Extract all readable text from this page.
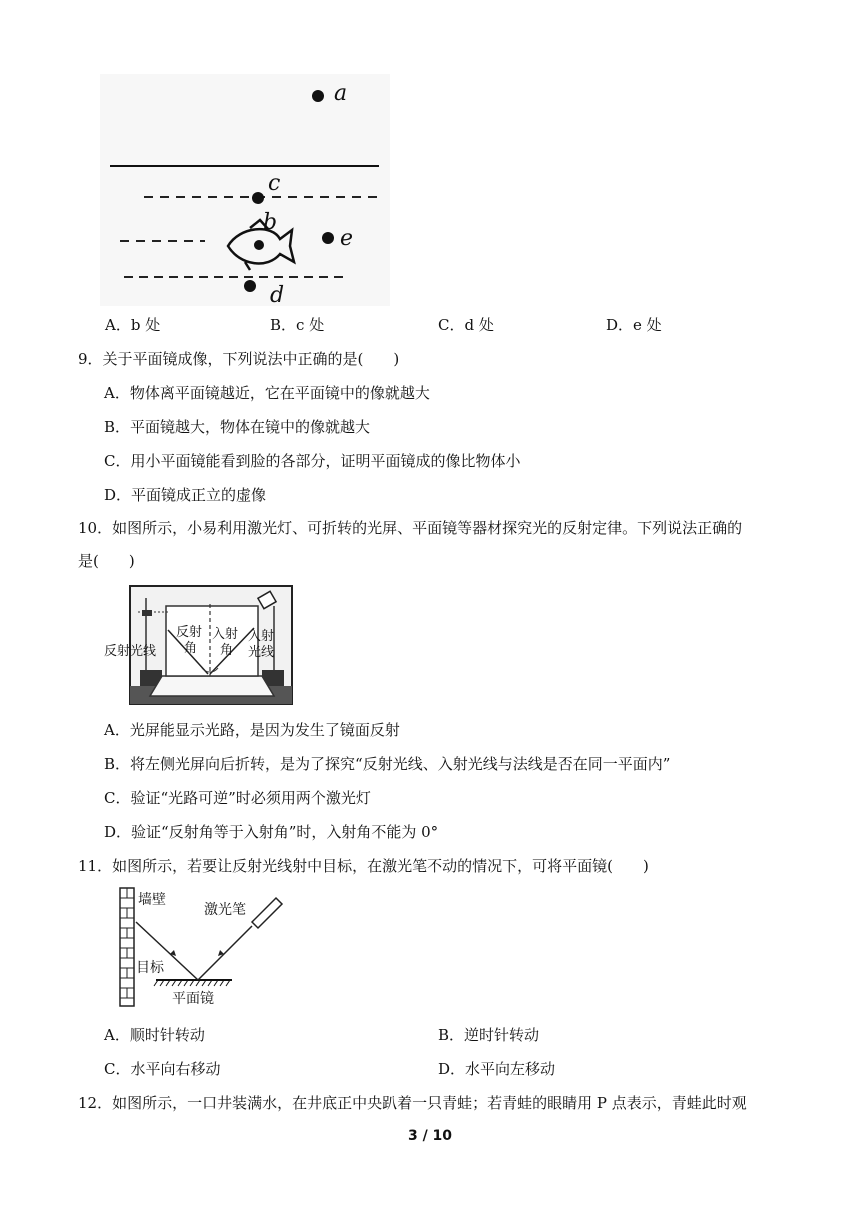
a
c
b
e
d
A．b 处	B．c 处	C．d 处	D．e 处
9．关于平面镜成像，下列说法中正确的是(　　)
A．物体离平面镜越近，它在平面镜中的像就越大
B．平面镜越大，物体在镜中的像就越大
C．用小平面镜能看到脸的各部分，证明平面镜成的像比物体小
D．平面镜成正立的虚像
10．如图所示，小易利用激光灯、可折转的光屏、平面镜等器材探究光的反射定律。下列说法正确的
是(　　)
反射光线
反射
角
入射
角
入射
光线
A．光屏能显示光路，是因为发生了镜面反射
B．将左侧光屏向后折转，是为了探究“反射光线、入射光线与法线是否在同一平面内”
C．验证“光路可逆”时必须用两个激光灯
D．验证“反射角等于入射角”时，入射角不能为 0°
11．如图所示，若要让反射光线射中目标，在激光笔不动的情况下，可将平面镜(　　)
墙壁
激光笔
目标
平面镜
A．顺时针转动	B．逆时针转动
C．水平向右移动	D．水平向左移动
12．如图所示，一口井装满水，在井底正中央趴着一只青蛙；若青蛙的眼睛用 P 点表示，青蛙此时观
3 / 10
